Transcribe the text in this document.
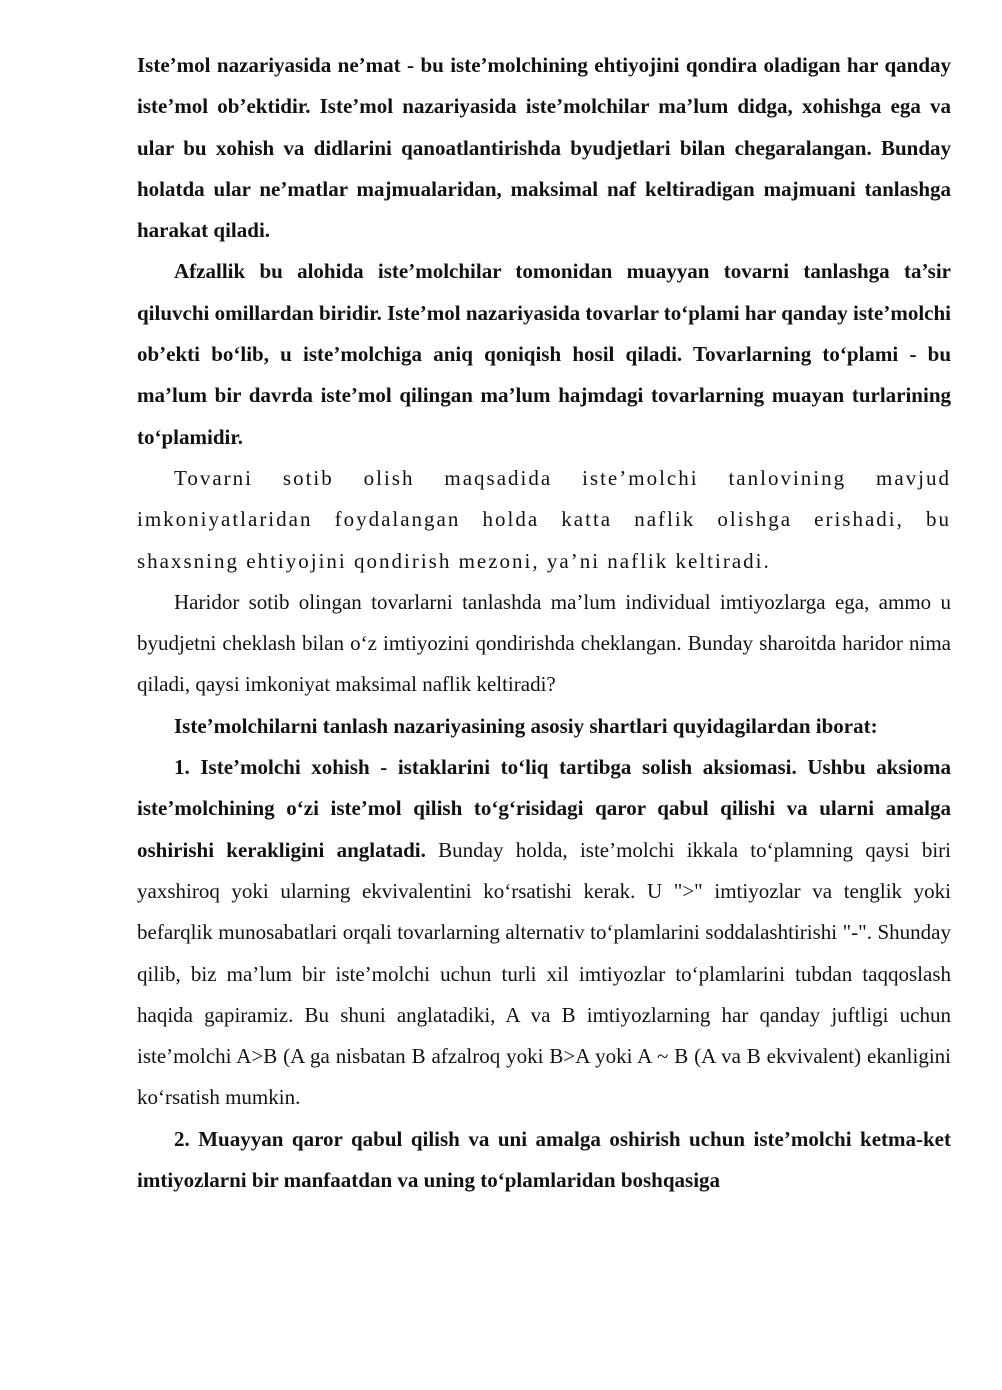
Iste’mol nazariyasida ne’mat - bu iste’molchining ehtiyojini qondira oladigan har qanday iste’mol ob’ektidir. Iste’mol nazariyasida iste’molchilar ma’lum didga, xohishga ega va ular bu xohish va didlarini qanoatlantirishda byudjetlari bilan chegaralangan. Bunday holatda ular ne’matlar majmualaridan, maksimal naf keltiradigan majmuani tanlashga harakat qiladi.

Afzallik bu alohida iste’molchilar tomonidan muayyan tovarni tanlashga ta’sir qiluvchi omillardan biridir. Iste’mol nazariyasida tovarlar to‘plami har qanday iste’molchi ob’ekti bo‘lib, u iste’molchiga aniq qoniqish hosil qiladi. Tovarlarning to‘plami - bu ma’lum bir davrda iste’mol qilingan ma’lum hajmdagi tovarlarning muayan turlarining to‘plamidir.

Tovarni sotib olish maqsadida iste’molchi tanlovining mavjud imkoniyatlaridan foydalangan holda katta naflik olishga erishadi, bu shaxsning ehtiyojini qondirish mezoni, ya’ni naflik keltiradi.

Haridor sotib olingan tovarlarni tanlashda ma’lum individual imtiyozlarga ega, ammo u byudjetni cheklash bilan o‘z imtiyozini qondirishda cheklangan. Bunday sharoitda haridor nima qiladi, qaysi imkoniyat maksimal naflik keltiradi?

Iste’molchilarni tanlash nazariyasining asosiy shartlari quyidagilardan iborat:

1. Iste’molchi xohish - istaklarini to‘liq tartibga solish aksiomasi. Ushbu aksioma iste’molchining o‘zi iste’mol qilish to‘g‘risidagi qaror qabul qilishi va ularni amalga oshirishi kerakligini anglatadi. Bunday holda, iste’molchi ikkala to‘plamning qaysi biri yaxshiroq yoki ularning ekvivalentini ko‘rsatishi kerak. U ">" imtiyozlar va tenglik yoki befarqlik munosabatlari orqali tovarlarning alternativ to‘plamlarini soddalashtirishi "-". Shunday qilib, biz ma’lum bir iste’molchi uchun turli xil imtiyozlar to‘plamlarini tubdan taqqoslash haqida gapiramiz. Bu shuni anglatadiki, A va B imtiyozlarning har qanday juftligi uchun iste’molchi A>B (A ga nisbatan B afzalroq yoki B>A yoki A ~ B (A va B ekvivalent) ekanligini ko‘rsatish mumkin.

2. Muayyan qaror qabul qilish va uni amalga oshirish uchun iste’molchi ketma-ket imtiyozlarni bir manfaatdan va uning to‘plamlaridan boshqasiga
